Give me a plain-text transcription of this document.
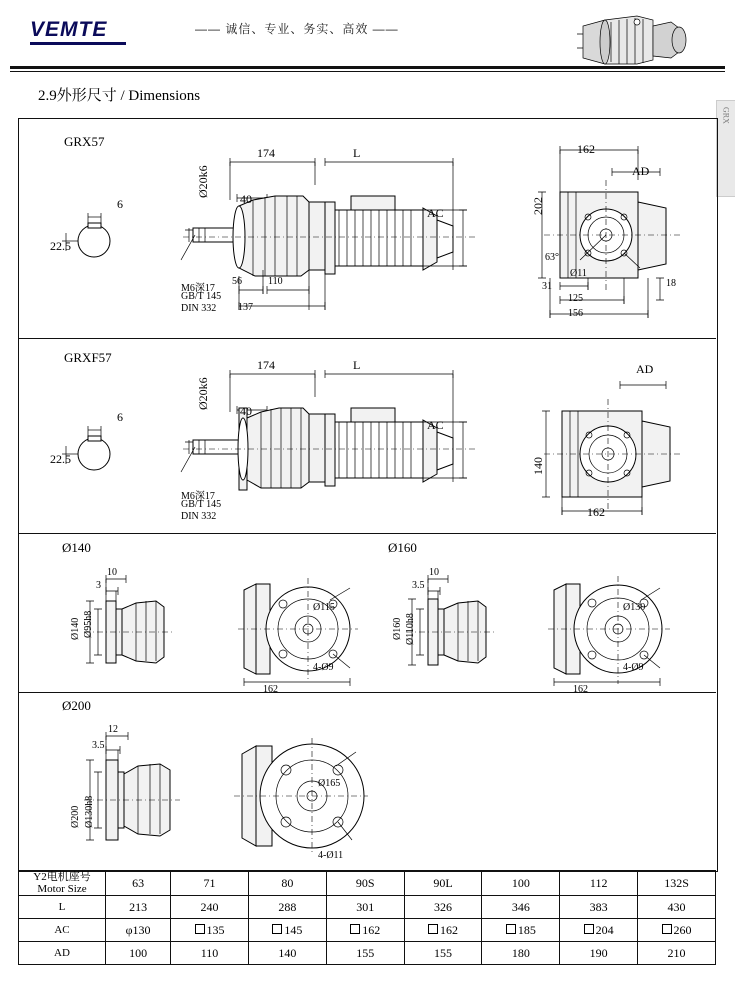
VEMTE	—— 诚信、专业、务实、高效 ——
2.9外形尺寸 / Dimensions
GRX
GRX57
6
22.5
174	L
40
Ø20k6
AC
56	110
137
M6深17
GB/T 145
DIN 332
162
AD
202
63°
Ø11
31
125
156
18
GRXF57
6
22.5
174	L
40
Ø20k6
AC
M6深17
GB/T 145
DIN 332
AD
140
162
Ø140
10
3
Ø140 Ø95h8
Ø115
4-Ø9
162
Ø160
10
3.5
Ø160 Ø110h8
Ø130
4-Ø9
162
Ø200
12
3.5
Ø200 Ø130h8
Ø165
4-Ø11
Y2电机座号
Motor Size	63	71	80	90S	90L	100	112	132S
L	213	240	288	301	326	346	383	430
AC	φ130	135	145	162	162	185	204	260
AD	100	110	140	155	155	180	190	210
